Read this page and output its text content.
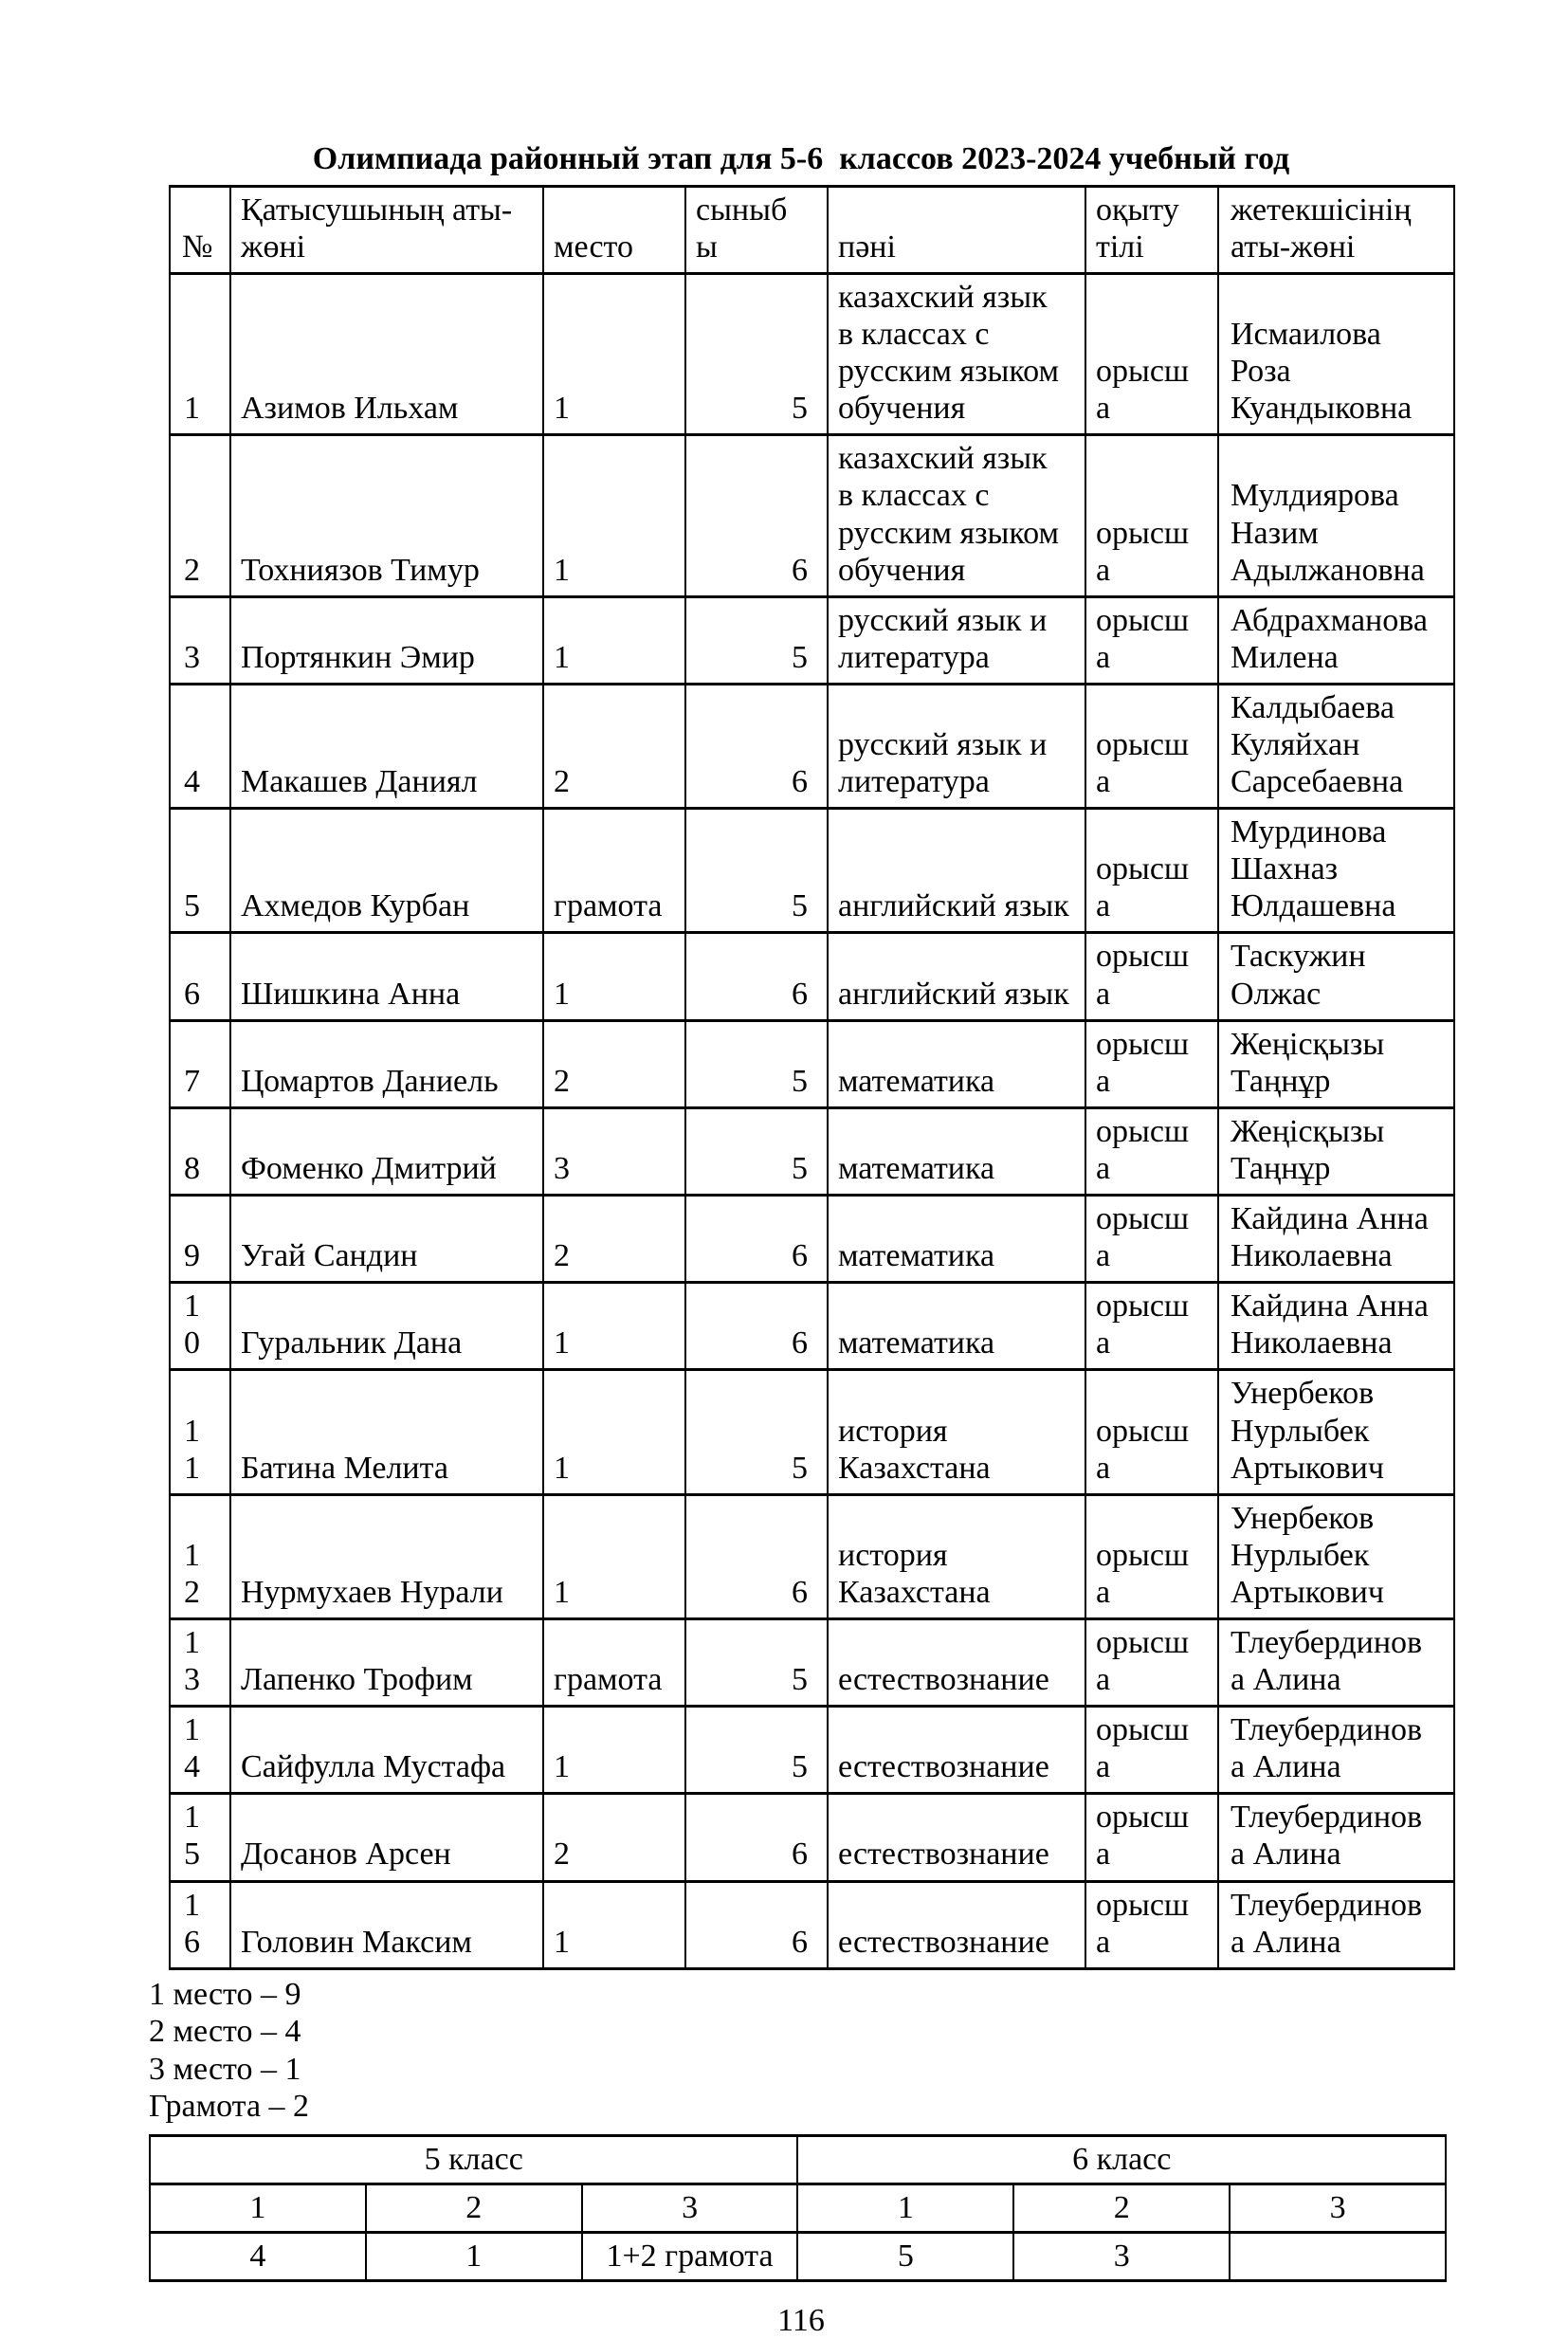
Олимпиада районный этап для 5-6  классов 2023-2024 учебный год
№	Қатысушының аты-жөні	место	сыныбы	пәні	оқыту тілі	жетекшісінің аты-жөні
1	Азимов Ильхам	1	5	казахский язык в классах с русским языком обучения	орысша	Исмаилова Роза Куандыковна
2	Тохниязов Тимур	1	6	казахский язык в классах с русским языком обучения	орысша	Мулдиярова Назим Адылжановна
3	Портянкин Эмир	1	5	русский язык и литература	орысша	Абдрахманова Милена
4	Макашев Даниял	2	6	русский язык и литература	орысша	Калдыбаева Куляйхан Сарсебаевна
5	Ахмедов Курбан	грамота	5	английский язык	орысша	Мурдинова Шахназ Юлдашевна
6	Шишкина Анна	1	6	английский язык	орысша	Таскужин Олжас
7	Цомартов Даниель	2	5	математика	орысша	Жеңісқызы Таңнұр
8	Фоменко Дмитрий	3	5	математика	орысша	Жеңісқызы Таңнұр
9	Угай Сандин	2	6	математика	орысша	Кайдина Анна Николаевна
10	Гуральник Дана	1	6	математика	орысша	Кайдина Анна Николаевна
11	Батина Мелита	1	5	история Казахстана	орысша	Унербеков Нурлыбек Артыкович
12	Нурмухаев Нурали	1	6	история Казахстана	орысша	Унербеков Нурлыбек Артыкович
13	Лапенко Трофим	грамота	5	естествознание	орысша	Тлеубердинова Алина
14	Сайфулла Мустафа	1	5	естествознание	орысша	Тлеубердинова Алина
15	Досанов Арсен	2	6	естествознание	орысша	Тлеубердинова Алина
16	Головин Максим	1	6	естествознание	орысша	Тлеубердинова Алина

1 место – 9

2 место – 4

3 место – 1

Грамота – 2

5 класс			6 класс		
1	2	3	1	2	3
4	1	1+2 грамота	5	3	
116
